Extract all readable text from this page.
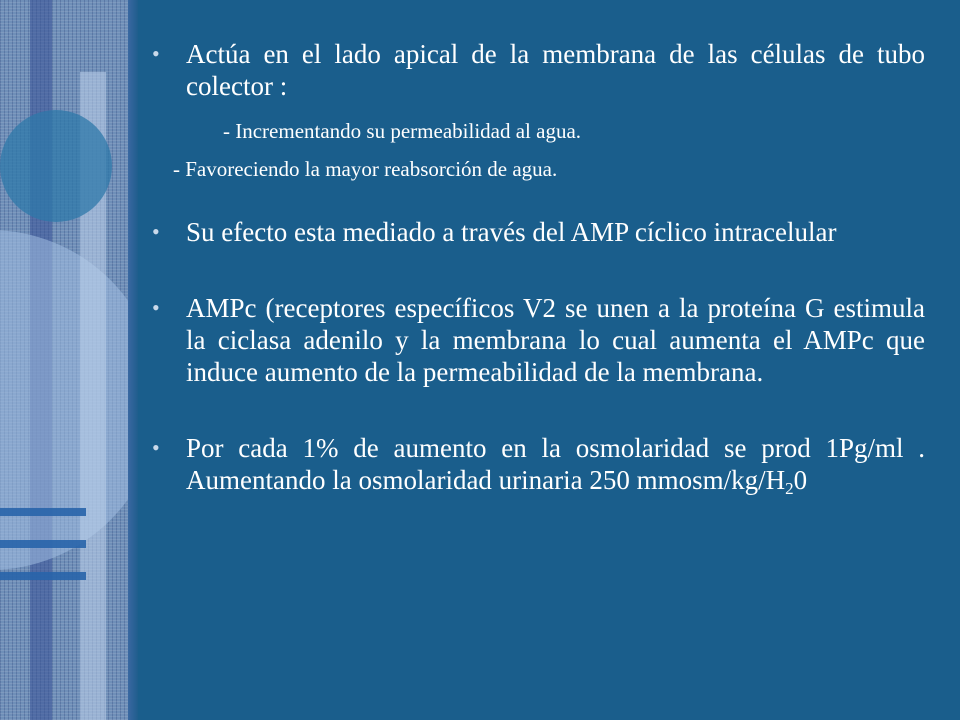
• Actúa en el lado apical de la membrana de las células de tubo colector :
- Incrementando su permeabilidad al agua.
- Favoreciendo la mayor reabsorción de agua.
• Su efecto esta mediado a través del AMP cíclico intracelular
• AMPc (receptores específicos V2 se unen a la proteína G estimula la ciclasa adenilo y la membrana lo cual aumenta el AMPc que induce aumento de la permeabilidad de la membrana.
• Por cada 1% de aumento en la osmolaridad se prod 1Pg/ml . Aumentando la osmolaridad urinaria 250 mmosm/$kg/H_20$
